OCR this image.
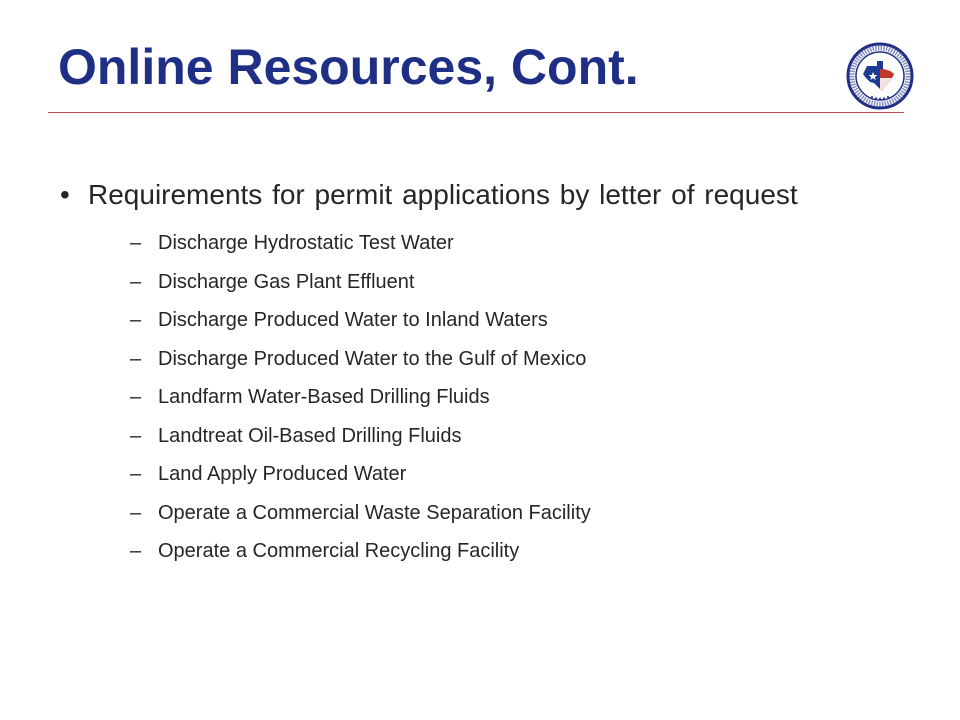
Online Resources, Cont.
• Requirements for permit applications by letter of request
– Discharge Hydrostatic Test Water
– Discharge Gas Plant Effluent
– Discharge Produced Water to Inland Waters
– Discharge Produced Water to the Gulf of Mexico
– Landfarm Water-Based Drilling Fluids
– Landtreat Oil-Based Drilling Fluids
– Land Apply Produced Water
– Operate a Commercial Waste Separation Facility
– Operate a Commercial Recycling Facility
